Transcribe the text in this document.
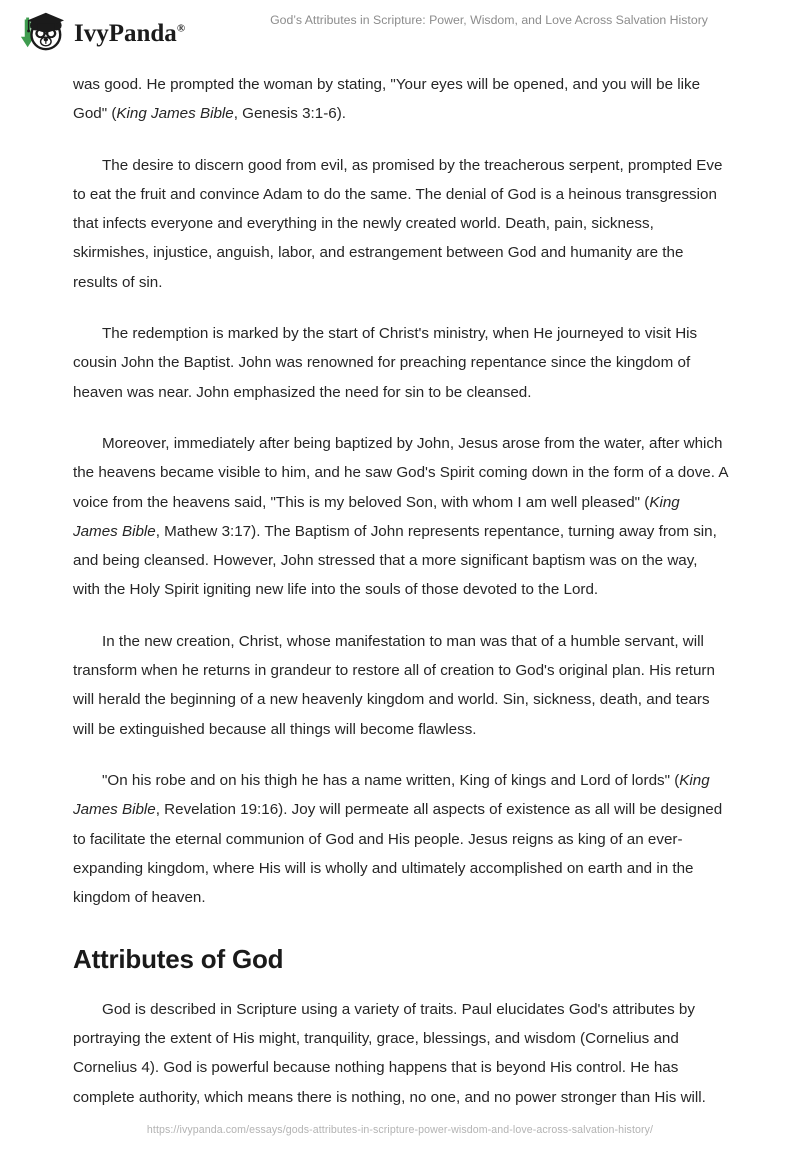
IvyPanda®
God’s Attributes in Scripture: Power, Wisdom, and Love Across Salvation History

was good. He prompted the woman by stating, "Your eyes will be opened, and you will be like God" (King James Bible, Genesis 3:1-6).

The desire to discern good from evil, as promised by the treacherous serpent, prompted Eve to eat the fruit and convince Adam to do the same. The denial of God is a heinous transgression that infects everyone and everything in the newly created world. Death, pain, sickness, skirmishes, injustice, anguish, labor, and estrangement between God and humanity are the results of sin.

The redemption is marked by the start of Christ's ministry, when He journeyed to visit His cousin John the Baptist. John was renowned for preaching repentance since the kingdom of heaven was near. John emphasized the need for sin to be cleansed.

Moreover, immediately after being baptized by John, Jesus arose from the water, after which the heavens became visible to him, and he saw God's Spirit coming down in the form of a dove. A voice from the heavens said, "This is my beloved Son, with whom I am well pleased" (King James Bible, Mathew 3:17). The Baptism of John represents repentance, turning away from sin, and being cleansed. However, John stressed that a more significant baptism was on the way, with the Holy Spirit igniting new life into the souls of those devoted to the Lord.

In the new creation, Christ, whose manifestation to man was that of a humble servant, will transform when he returns in grandeur to restore all of creation to God's original plan. His return will herald the beginning of a new heavenly kingdom and world. Sin, sickness, death, and tears will be extinguished because all things will become flawless.

"On his robe and on his thigh he has a name written, King of kings and Lord of lords" (King James Bible, Revelation 19:16). Joy will permeate all aspects of existence as all will be designed to facilitate the eternal communion of God and His people. Jesus reigns as king of an ever-expanding kingdom, where His will is wholly and ultimately accomplished on earth and in the kingdom of heaven.

Attributes of God

God is described in Scripture using a variety of traits. Paul elucidates God's attributes by portraying the extent of His might, tranquility, grace, blessings, and wisdom (Cornelius and Cornelius 4). God is powerful because nothing happens that is beyond His control. He has complete authority, which means there is nothing, no one, and no power stronger than His will.

https://ivypanda.com/essays/gods-attributes-in-scripture-power-wisdom-and-love-across-salvation-history/
